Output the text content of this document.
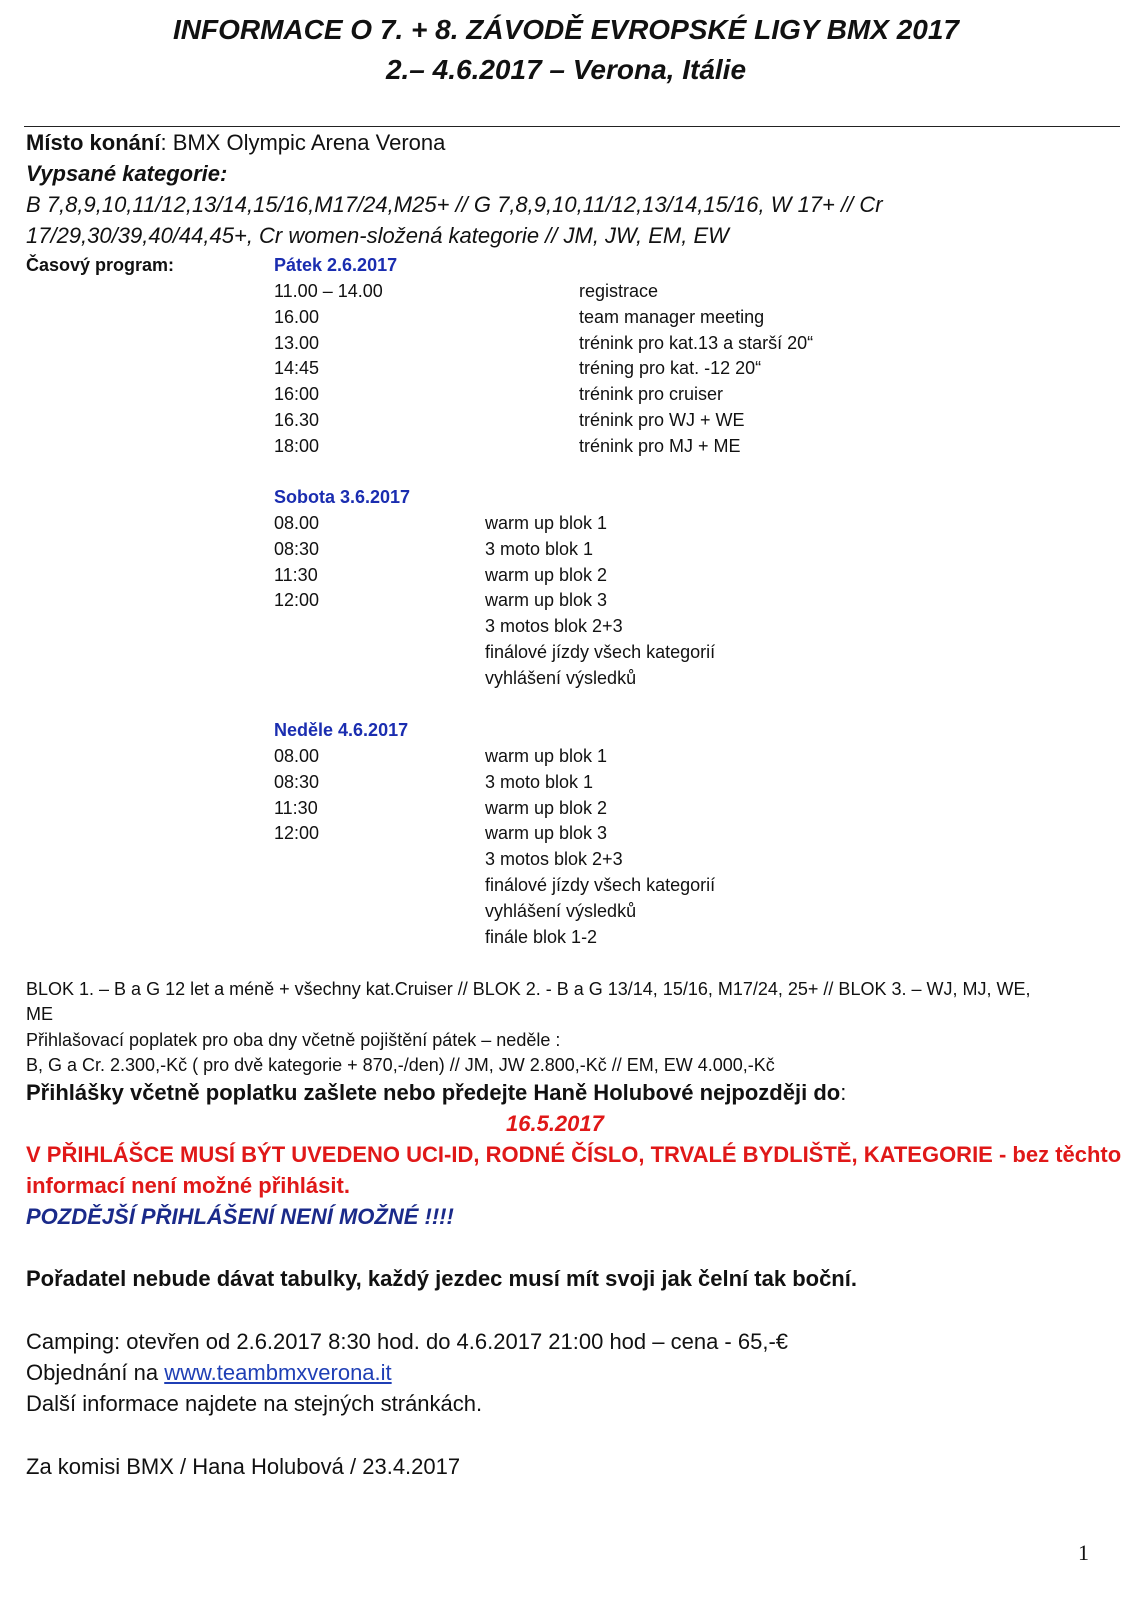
INFORMACE O 7. + 8. ZÁVODĚ EVROPSKÉ LIGY BMX 2017
2.– 4.6.2017 – Verona, Itálie
Místo konání: BMX Olympic Arena Verona
Vypsané kategorie:
B 7,8,9,10,11/12,13/14,15/16,M17/24,M25+ // G 7,8,9,10,11/12,13/14,15/16, W 17+ // Cr
17/29,30/39,40/44,45+, Cr women-složená kategorie // JM, JW, EM, EW
Časový program:	Pátek 2.6.2017
11.00 – 14.00	registrace
16.00	team manager meeting
13.00	trénink pro kat.13 a starší 20“
14:45	tréning pro kat. -12 20“
16:00	trénink pro cruiser
16.30	trénink pro WJ + WE
18:00	trénink pro MJ + ME
Sobota 3.6.2017
08.00	warm up blok 1
08:30	3 moto blok 1
11:30	warm up blok 2
12:00	warm up blok 3
3 motos blok 2+3
finálové jízdy všech kategorií
vyhlášení výsledků
Neděle 4.6.2017
08.00	warm up blok 1
08:30	3 moto blok 1
11:30	warm up blok 2
12:00	warm up blok 3
3 motos blok 2+3
finálové jízdy všech kategorií
vyhlášení výsledků
finále blok 1-2
BLOK 1. – B a G 12 let a méně + všechny kat.Cruiser // BLOK 2. - B a G 13/14, 15/16, M17/24, 25+ // BLOK 3. – WJ, MJ, WE,
ME
Přihlašovací poplatek pro oba dny včetně pojištění pátek – neděle :
B, G a Cr. 2.300,-Kč ( pro dvě kategorie + 870,-/den) // JM, JW 2.800,-Kč // EM, EW 4.000,-Kč
Přihlášky včetně poplatku zašlete nebo předejte Haně Holubové nejpozději do:
16.5.2017
V PŘIHLÁŠCE MUSÍ BÝT UVEDENO UCI-ID, RODNÉ ČÍSLO, TRVALÉ BYDLIŠTĚ, KATEGORIE - bez těchto
informací není možné přihlásit.
POZDĚJŠÍ PŘIHLÁŠENÍ NENÍ MOŽNÉ !!!!
Pořadatel nebude dávat tabulky, každý jezdec musí mít svoji jak čelní tak boční.
Camping: otevřen od 2.6.2017 8:30 hod. do 4.6.2017 21:00 hod – cena - 65,-€
Objednání na www.teambmxverona.it
Další informace najdete na stejných stránkách.
Za komisi BMX / Hana Holubová / 23.4.2017
1
